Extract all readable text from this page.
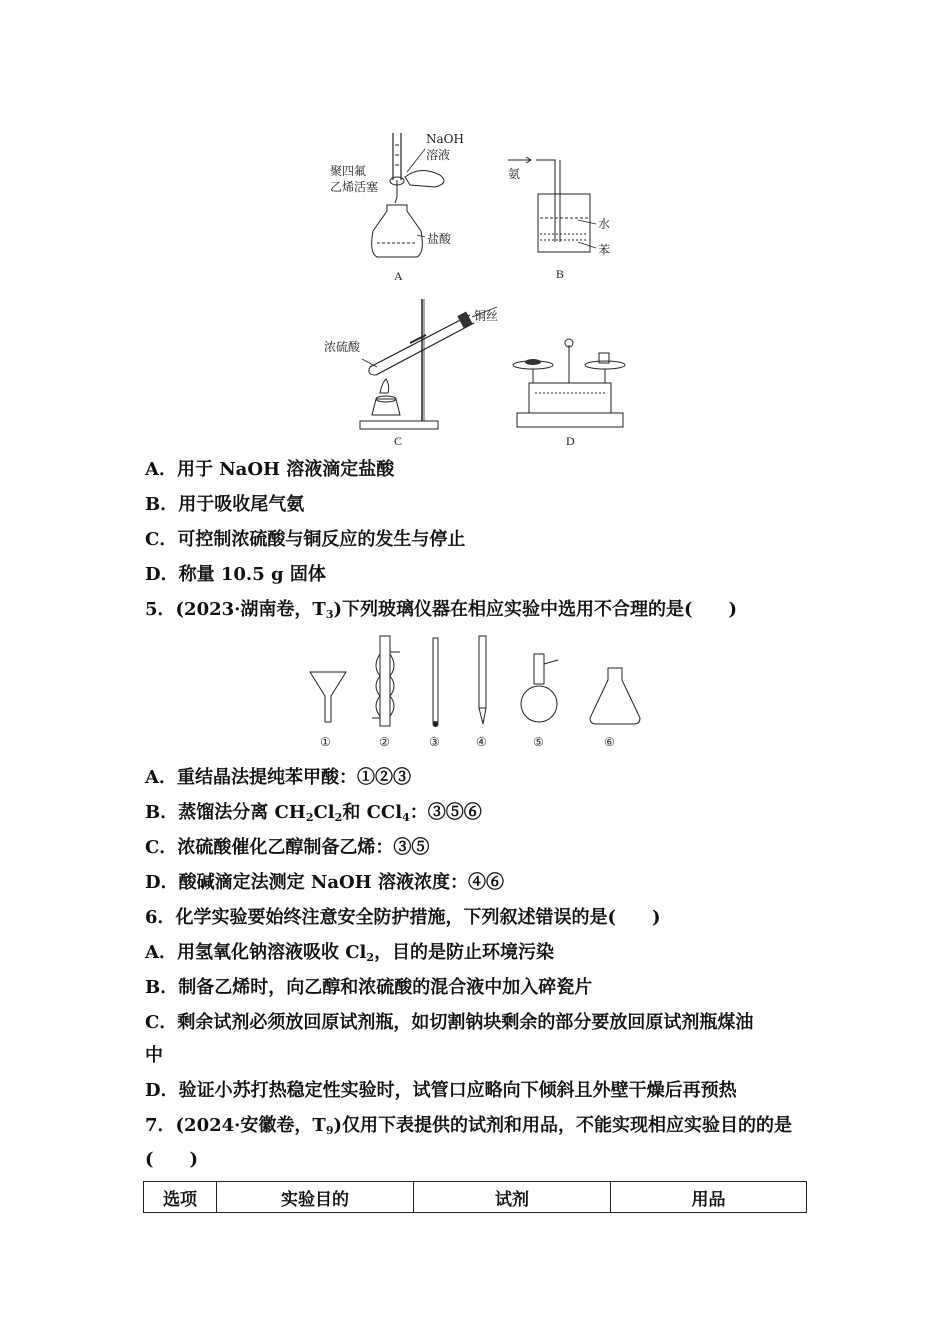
NaOH
溶液
聚四氟
乙烯活塞
盐酸
A
氨
水
苯
B
铜丝
浓硫酸
C	D
A．用于 NaOH 溶液滴定盐酸
B．用于吸收尾气氨
C．可控制浓硫酸与铜反应的发生与停止
D．称量 10.5 g 固体
5．(2023·湖南卷，$T_3$)下列玻璃仪器在相应实验中选用不合理的是(　　)
①	②	③	④	⑤	⑥
A．重结晶法提纯苯甲酸：①②③
B．蒸馏法分离 $CH_2Cl_2$和 CCl$_4$：③⑤⑥
C．浓硫酸催化乙醇制备乙烯：③⑤
D．酸碱滴定法测定 NaOH 溶液浓度：④⑥
6．化学实验要始终注意安全防护措施，下列叙述错误的是(　　)
A．用氢氧化钠溶液吸收 $Cl_2$，目的是防止环境污染
B．制备乙烯时，向乙醇和浓硫酸的混合液中加入碎瓷片
C．剩余试剂必须放回原试剂瓶，如切割钠块剩余的部分要放回原试剂瓶煤油
中
D．验证小苏打热稳定性实验时，试管口应略向下倾斜且外壁干燥后再预热
7．(2024·安徽卷，$T_9$)仅用下表提供的试剂和用品，不能实现相应实验目的的是
(　　)
选项	实验目的	试剂	用品
